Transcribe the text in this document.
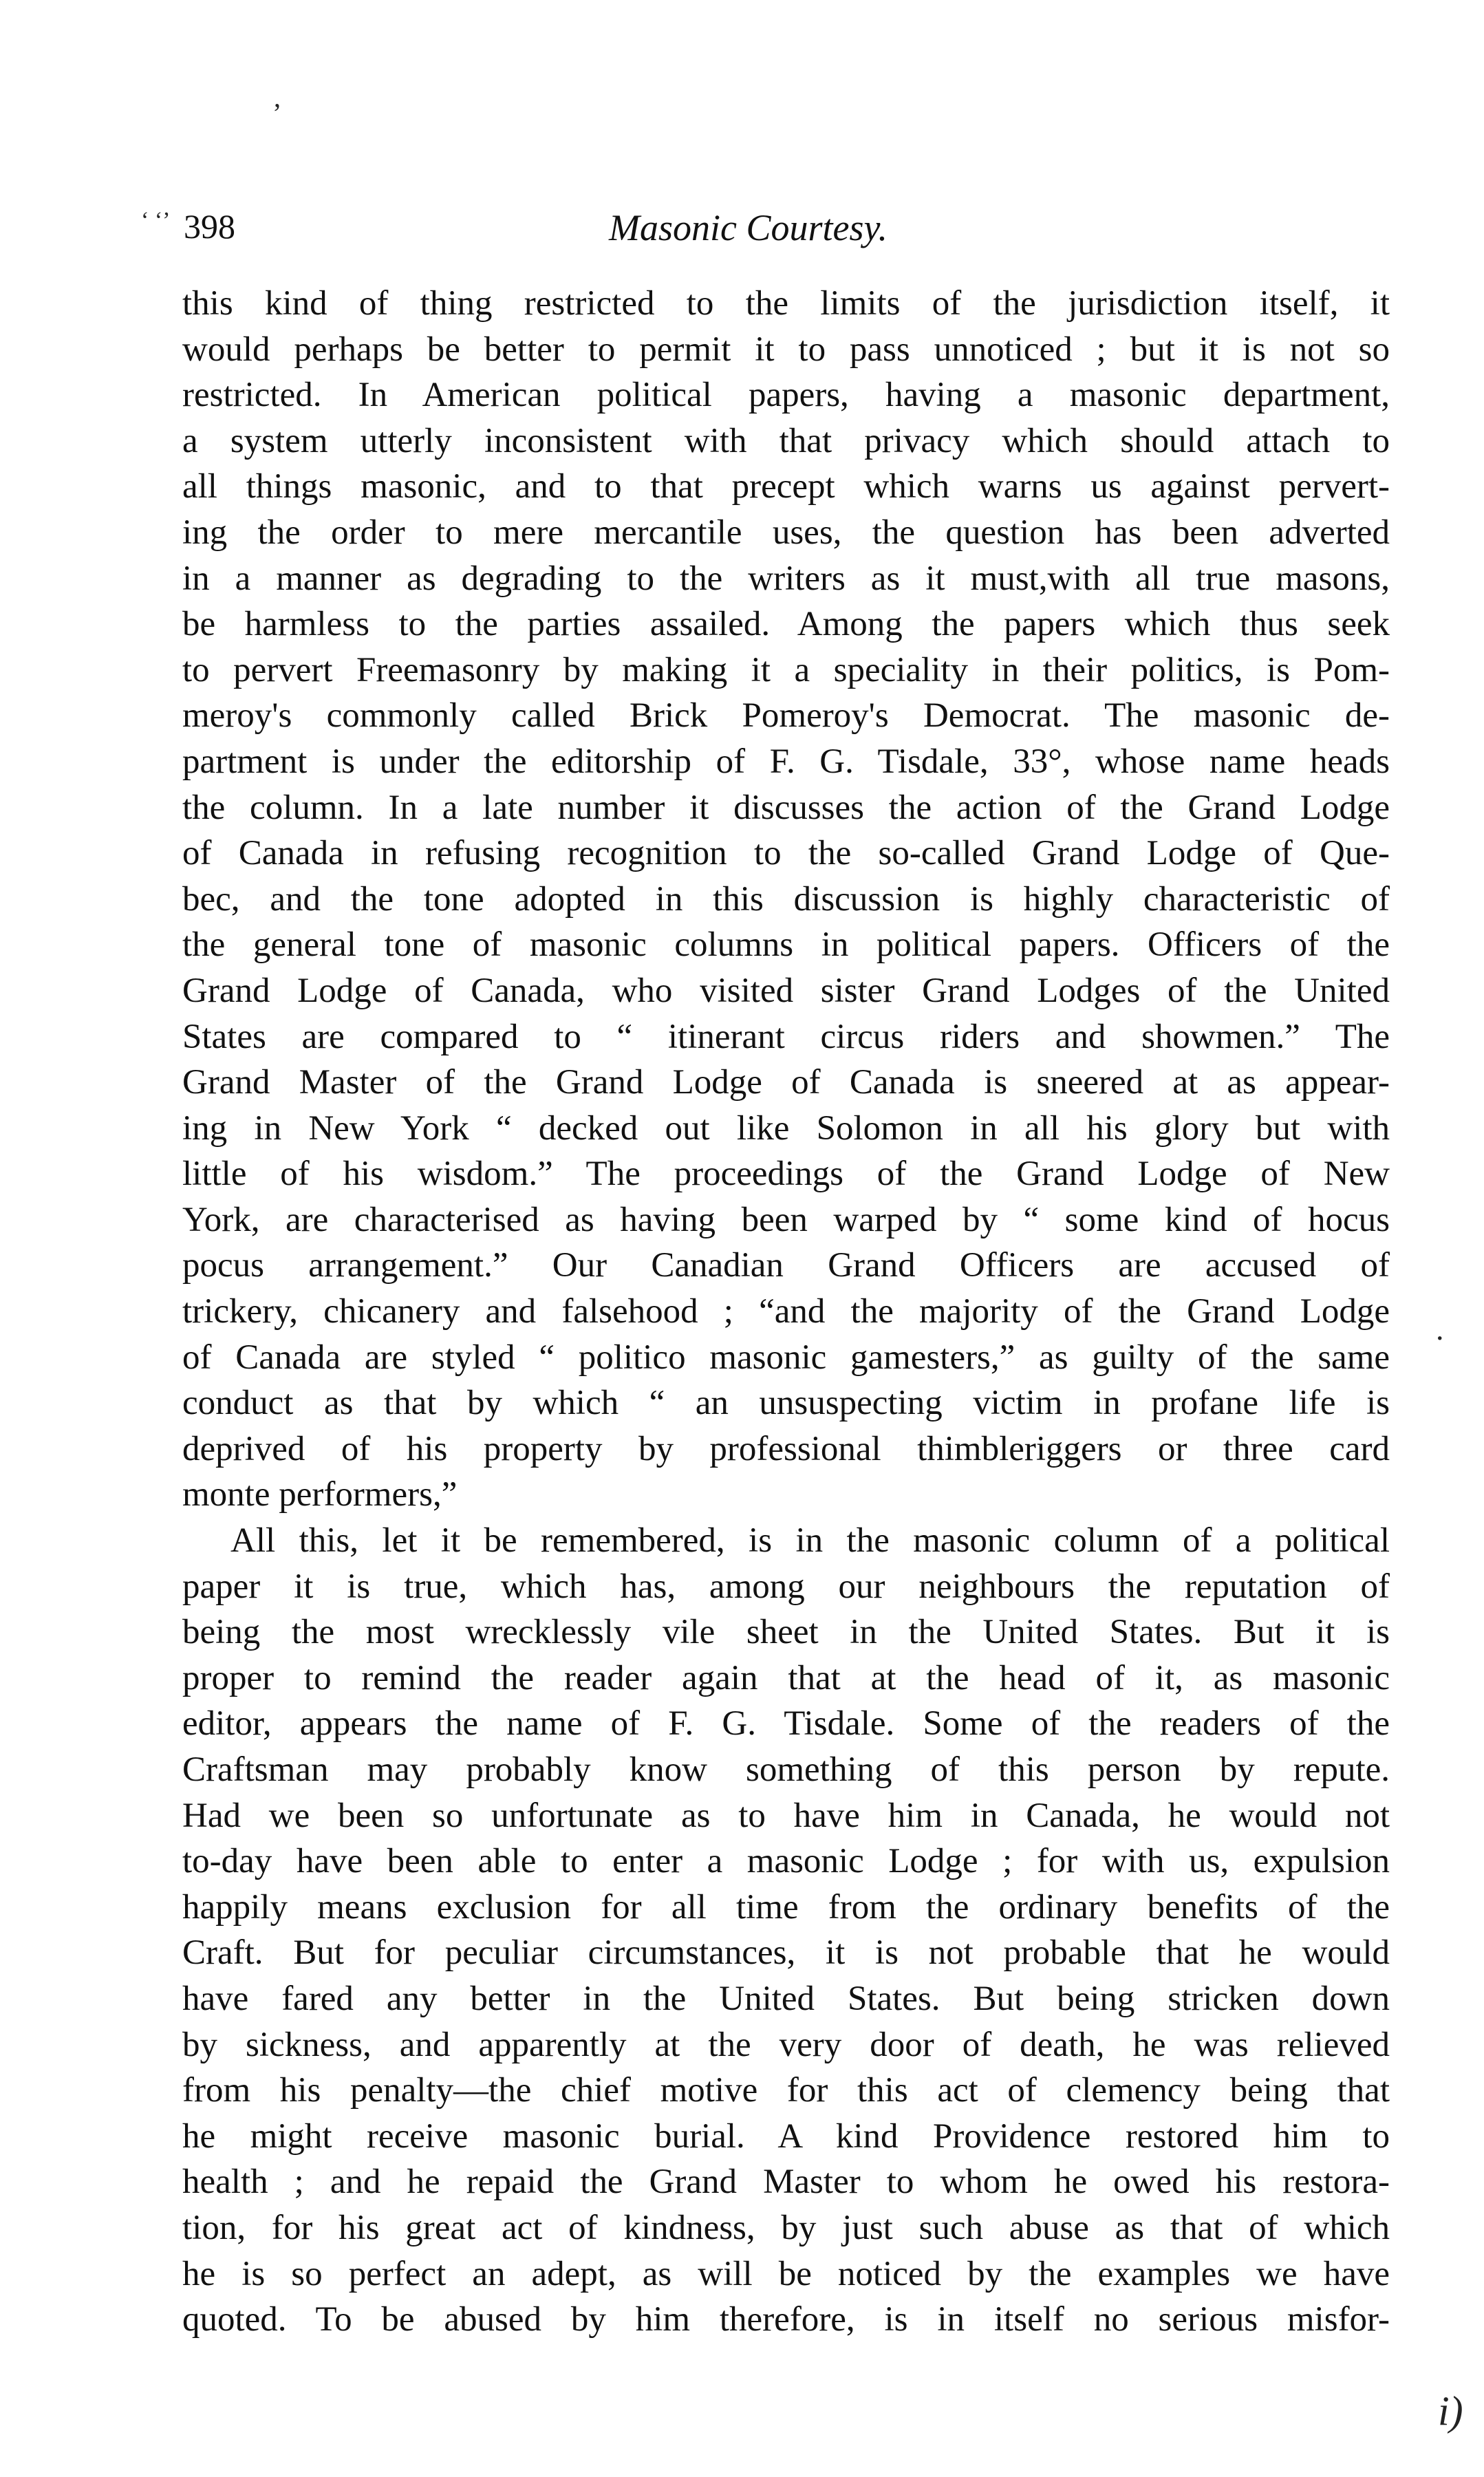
,
‘ ‘’
.
i)
398	Masonic Courtesy.
this kind of thing restricted to the limits of the jurisdiction itself, it
would perhaps be better to permit it to pass unnoticed ; but it is not so
restricted. In American political papers, having a masonic department,
a system utterly inconsistent with that privacy which should attach to
all things masonic, and to that precept which warns us against pervert-
ing the order to mere mercantile uses, the question has been adverted
in a manner as degrading to the writers as it must,with all true masons,
be harmless to the parties assailed. Among the papers which thus seek
to pervert Freemasonry by making it a speciality in their politics, is Pom-
meroy's commonly called Brick Pomeroy's Democrat. The masonic de-
partment is under the editorship of F. G. Tisdale, 33°, whose name heads
the column. In a late number it discusses the action of the Grand Lodge
of Canada in refusing recognition to the so-called Grand Lodge of Que-
bec, and the tone adopted in this discussion is highly characteristic of
the general tone of masonic columns in political papers. Officers of the
Grand Lodge of Canada, who visited sister Grand Lodges of the United
States are compared to “ itinerant circus riders and showmen.” The
Grand Master of the Grand Lodge of Canada is sneered at as appear-
ing in New York “ decked out like Solomon in all his glory but with
little of his wisdom.” The proceedings of the Grand Lodge of New
York, are characterised as having been warped by “ some kind of hocus
pocus arrangement.” Our Canadian Grand Officers are accused of
trickery, chicanery and falsehood ; “and the majority of the Grand Lodge
of Canada are styled “ politico masonic gamesters,” as guilty of the same
conduct as that by which “ an unsuspecting victim in profane life is
deprived of his property by professional thimbleriggers or three card
monte performers,”
All this, let it be remembered, is in the masonic column of a political
paper it is true, which has, among our neighbours the reputation of
being the most wrecklessly vile sheet in the United States. But it is
proper to remind the reader again that at the head of it, as masonic
editor, appears the name of F. G. Tisdale. Some of the readers of the
Craftsman may probably know something of this person by repute.
Had we been so unfortunate as to have him in Canada, he would not
to-day have been able to enter a masonic Lodge ; for with us, expulsion
happily means exclusion for all time from the ordinary benefits of the
Craft. But for peculiar circumstances, it is not probable that he would
have fared any better in the United States. But being stricken down
by sickness, and apparently at the very door of death, he was relieved
from his penalty—the chief motive for this act of clemency being that
he might receive masonic burial. A kind Providence restored him to
health ; and he repaid the Grand Master to whom he owed his restora-
tion, for his great act of kindness, by just such abuse as that of which
he is so perfect an adept, as will be noticed by the examples we have
quoted. To be abused by him therefore, is in itself no serious misfor-
